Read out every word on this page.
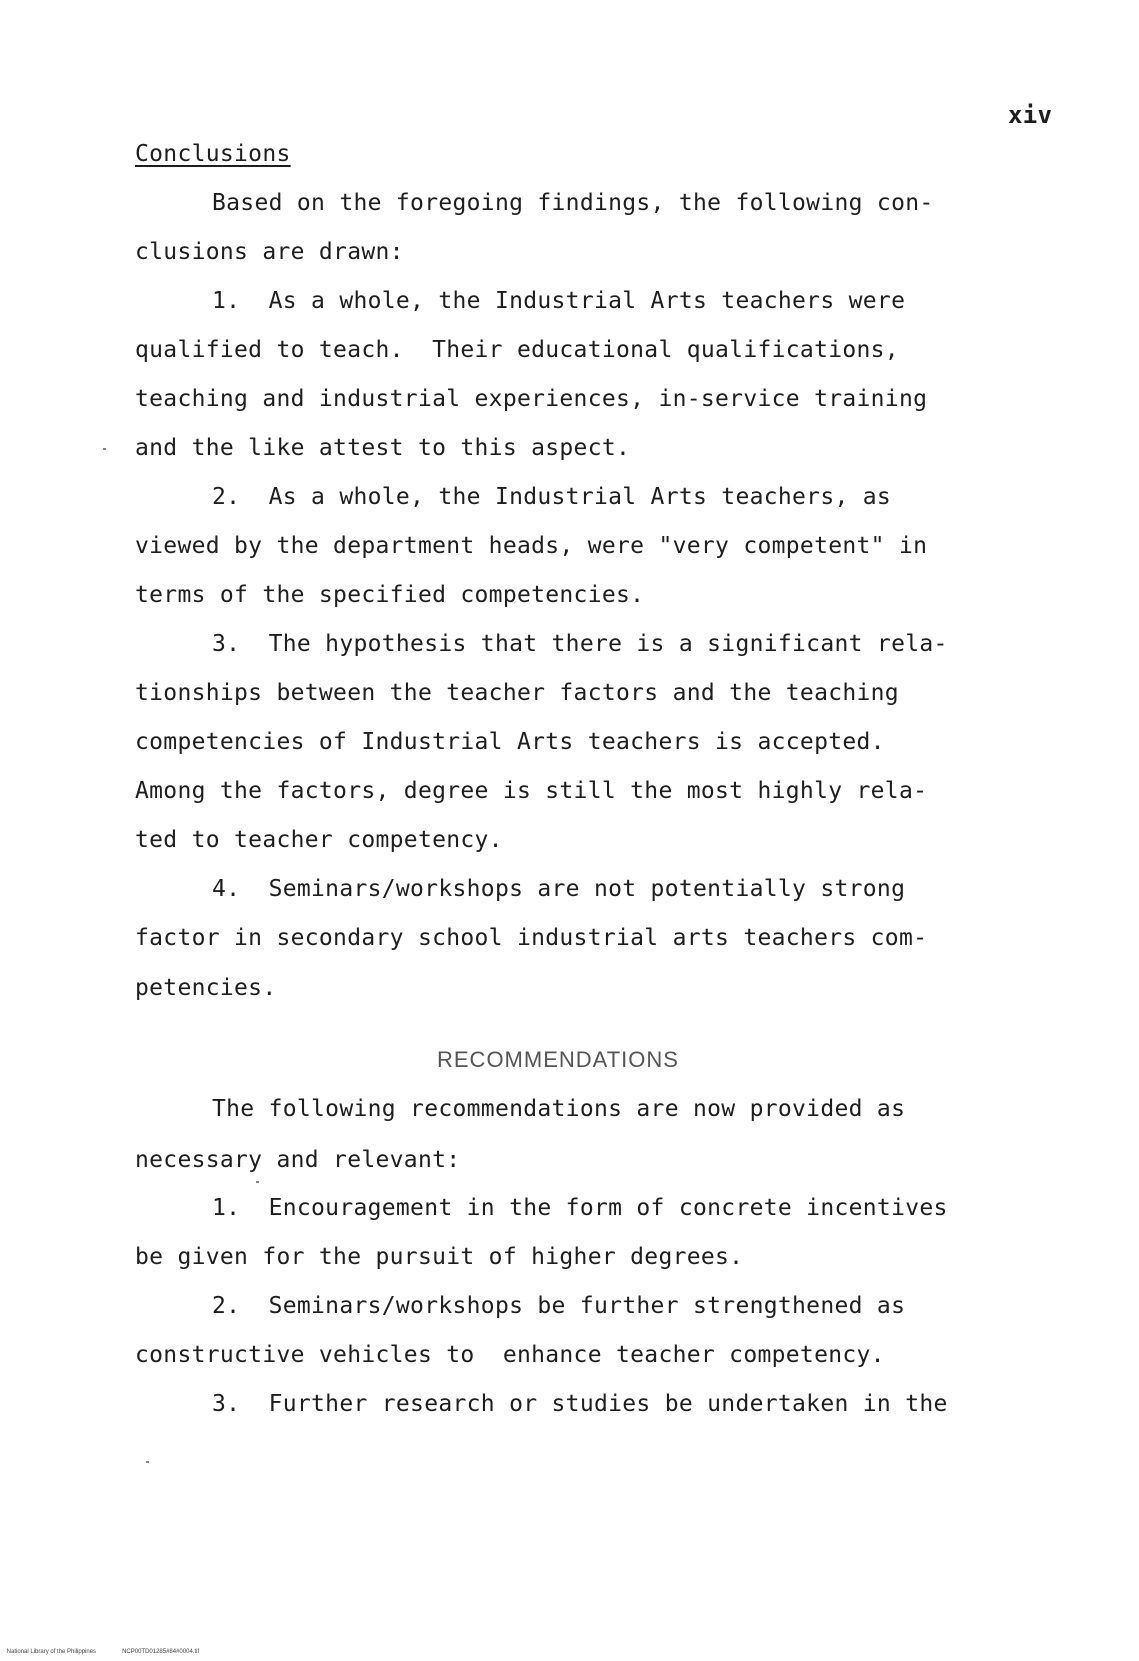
xiv
Conclusions
Based on the foregoing findings, the following con-
clusions are drawn:
1.  As a whole, the Industrial Arts teachers were
qualified to teach.  Their educational qualifications,
teaching and industrial experiences, in-service training
and the like attest to this aspect.
2.  As a whole, the Industrial Arts teachers, as
viewed by the department heads, were "very competent" in
terms of the specified competencies.
3.  The hypothesis that there is a significant rela-
tionships between the teacher factors and the teaching
competencies of Industrial Arts teachers is accepted.
Among the factors, degree is still the most highly rela-
ted to teacher competency.
4.  Seminars/workshops are not potentially strong
factor in secondary school industrial arts teachers com-
petencies.
RECOMMENDATIONS
The following recommendations are now provided as
necessary and relevant:
1.  Encouragement in the form of concrete incentives
be given for the pursuit of higher degrees.
2.  Seminars/workshops be further strengthened as
constructive vehicles to  enhance teacher competency.
3.  Further research or studies be undertaken in the

National Library of the Philippines	NCP00TD01285#84#0004.tif
